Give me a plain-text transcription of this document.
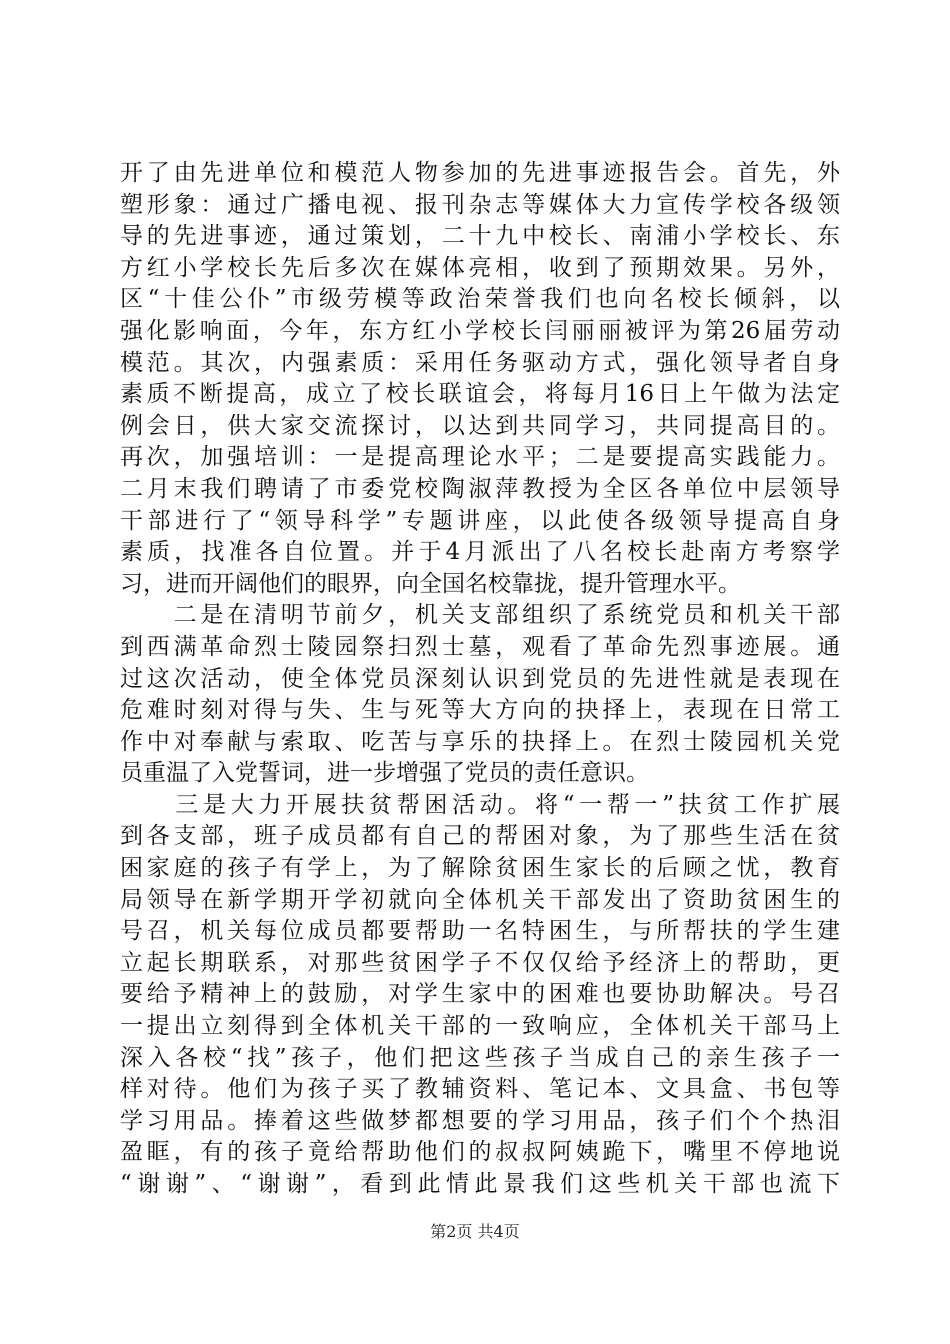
开了由先进单位和模范人物参加的先进事迹报告会。首先，外
塑形象：通过广播电视、报刊杂志等媒体大力宣传学校各级领
导的先进事迹，通过策划，二十九中校长、南浦小学校长、东
方红小学校长先后多次在媒体亮相，收到了预期效果。另外，
区“十佳公仆”市级劳模等政治荣誉我们也向名校长倾斜，以
强化影响面，今年，东方红小学校长闫丽丽被评为第26届劳动
模范。其次，内强素质：采用任务驱动方式，强化领导者自身
素质不断提高，成立了校长联谊会，将每月16日上午做为法定
例会日，供大家交流探讨，以达到共同学习，共同提高目的。
再次，加强培训：一是提高理论水平；二是要提高实践能力。
二月末我们聘请了市委党校陶淑萍教授为全区各单位中层领导
干部进行了“领导科学”专题讲座，以此使各级领导提高自身
素质，找准各自位置。并于4月派出了八名校长赴南方考察学
习，进而开阔他们的眼界，向全国名校靠拢，提升管理水平。
　　二是在清明节前夕，机关支部组织了系统党员和机关干部
到西满革命烈士陵园祭扫烈士墓，观看了革命先烈事迹展。通
过这次活动，使全体党员深刻认识到党员的先进性就是表现在
危难时刻对得与失、生与死等大方向的抉择上，表现在日常工
作中对奉献与索取、吃苦与享乐的抉择上。在烈士陵园机关党
员重温了入党誓词，进一步增强了党员的责任意识。
　　三是大力开展扶贫帮困活动。将“一帮一”扶贫工作扩展
到各支部，班子成员都有自己的帮困对象，为了那些生活在贫
困家庭的孩子有学上，为了解除贫困生家长的后顾之忧，教育
局领导在新学期开学初就向全体机关干部发出了资助贫困生的
号召，机关每位成员都要帮助一名特困生，与所帮扶的学生建
立起长期联系，对那些贫困学子不仅仅给予经济上的帮助，更
要给予精神上的鼓励，对学生家中的困难也要协助解决。号召
一提出立刻得到全体机关干部的一致响应，全体机关干部马上
深入各校“找”孩子，他们把这些孩子当成自己的亲生孩子一
样对待。他们为孩子买了教辅资料、笔记本、文具盒、书包等
学习用品。捧着这些做梦都想要的学习用品，孩子们个个热泪
盈眶，有的孩子竟给帮助他们的叔叔阿姨跪下，嘴里不停地说
“谢谢”、“谢谢”，看到此情此景我们这些机关干部也流下
第2页 共4页
